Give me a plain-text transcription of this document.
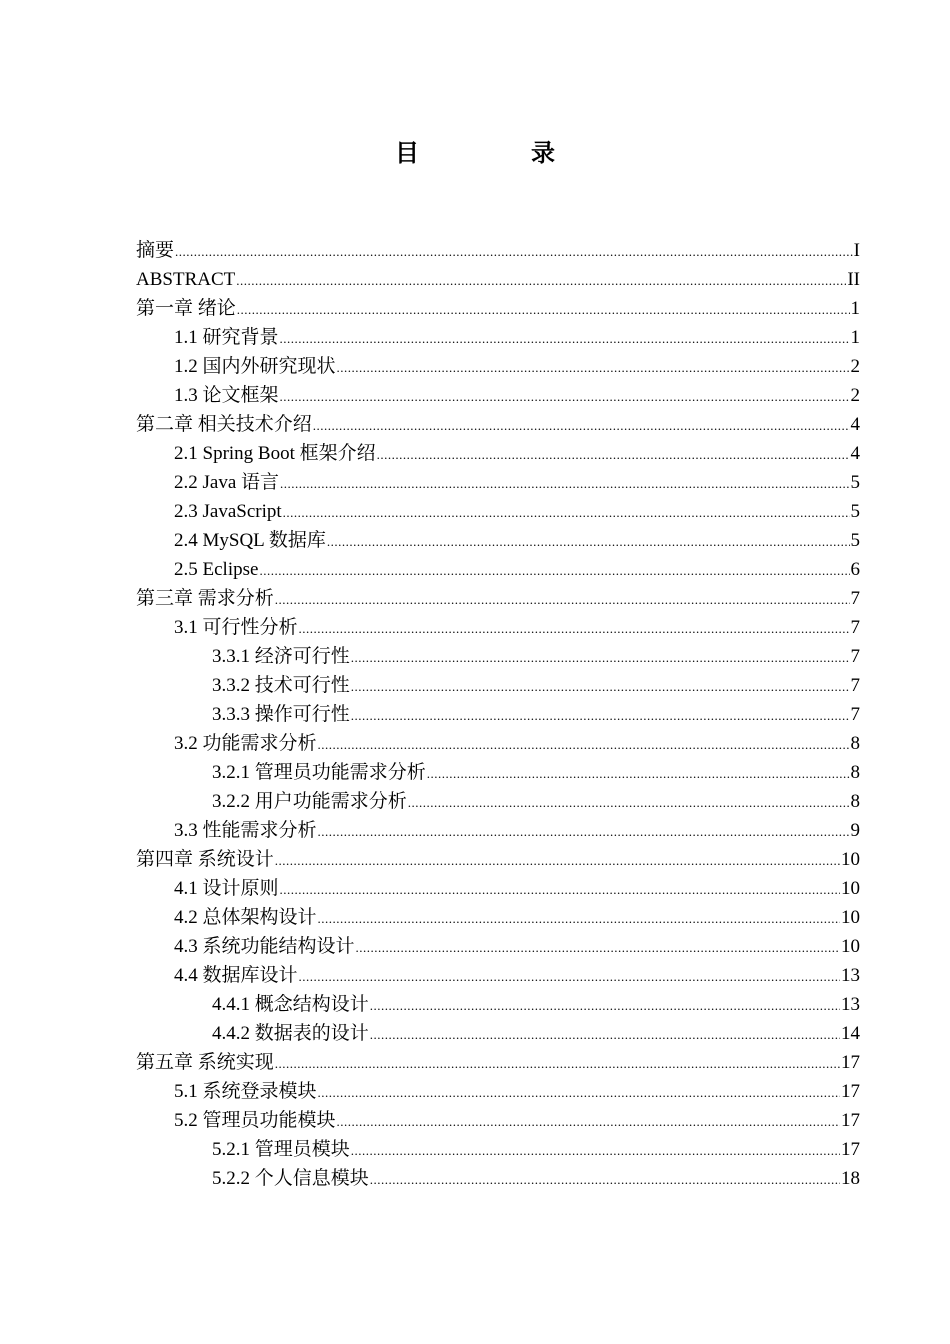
目　录
摘要 .....	I
ABSTRACT .....	II
第一章 绪论 .....	1
1.1 研究背景 .....	1
1.2 国内外研究现状 .....	2
1.3 论文框架 .....	2
第二章 相关技术介绍 .....	4
2.1 Spring Boot 框架介绍 .....	4
2.2 Java 语言 .....	5
2.3 JavaScript .....	5
2.4 MySQL 数据库 .....	5
2.5 Eclipse .....	6
第三章 需求分析 .....	7
3.1 可行性分析 .....	7
3.3.1 经济可行性 .....	7
3.3.2 技术可行性 .....	7
3.3.3 操作可行性 .....	7
3.2 功能需求分析 .....	8
3.2.1 管理员功能需求分析 .....	8
3.2.2 用户功能需求分析 .....	8
3.3 性能需求分析 .....	9
第四章 系统设计 .....	10
4.1 设计原则 .....	10
4.2 总体架构设计 .....	10
4.3 系统功能结构设计 .....	10
4.4 数据库设计 .....	13
4.4.1 概念结构设计 .....	13
4.4.2 数据表的设计 .....	14
第五章 系统实现 .....	17
5.1 系统登录模块 .....	17
5.2 管理员功能模块 .....	17
5.2.1 管理员模块 .....	17
5.2.2 个人信息模块 .....	18
